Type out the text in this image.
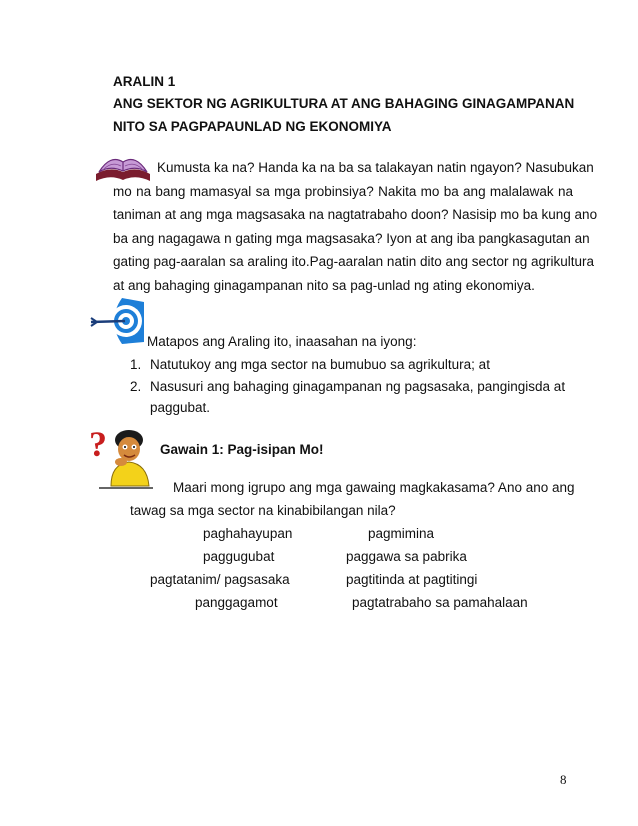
ARALIN 1
ANG SEKTOR NG AGRIKULTURA AT ANG BAHAGING GINAGAMPANAN
NITO SA PAGPAPAUNLAD NG EKONOMIYA
Kumusta ka na? Handa ka na ba sa talakayan natin ngayon? Nasubukan
mo na bang mamasyal sa mga probinsiya? Nakita mo ba ang malalawak na
taniman at ang mga magsasaka na nagtatrabaho doon? Nasisip mo ba kung ano
ba ang nagagawa n gating mga magsasaka? Iyon at ang iba pangkasagutan an
gating pag-aaralan sa araling ito.Pag-aaralan natin dito ang sector ng agrikultura
at ang bahaging ginagampanan nito sa pag-unlad ng ating ekonomiya.
Matapos ang Araling ito, inaasahan na iyong:
1. Natutukoy ang mga sector na bumubuo sa agrikultura; at
2. Nasusuri ang bahaging ginagampanan ng pagsasaka, pangingisda at
paggubat.
?	Gawain 1: Pag-isipan Mo!
Maari mong igrupo ang mga gawaing magkakasama? Ano ano ang
tawag sa mga sector na kinabibilangan nila?
paghahayupan	pagmimina
paggugubat	paggawa sa pabrika
pagtatanim/ pagsasaka	pagtitinda at pagtitingi
panggagamot	pagtatrabaho sa pamahalaan
8
